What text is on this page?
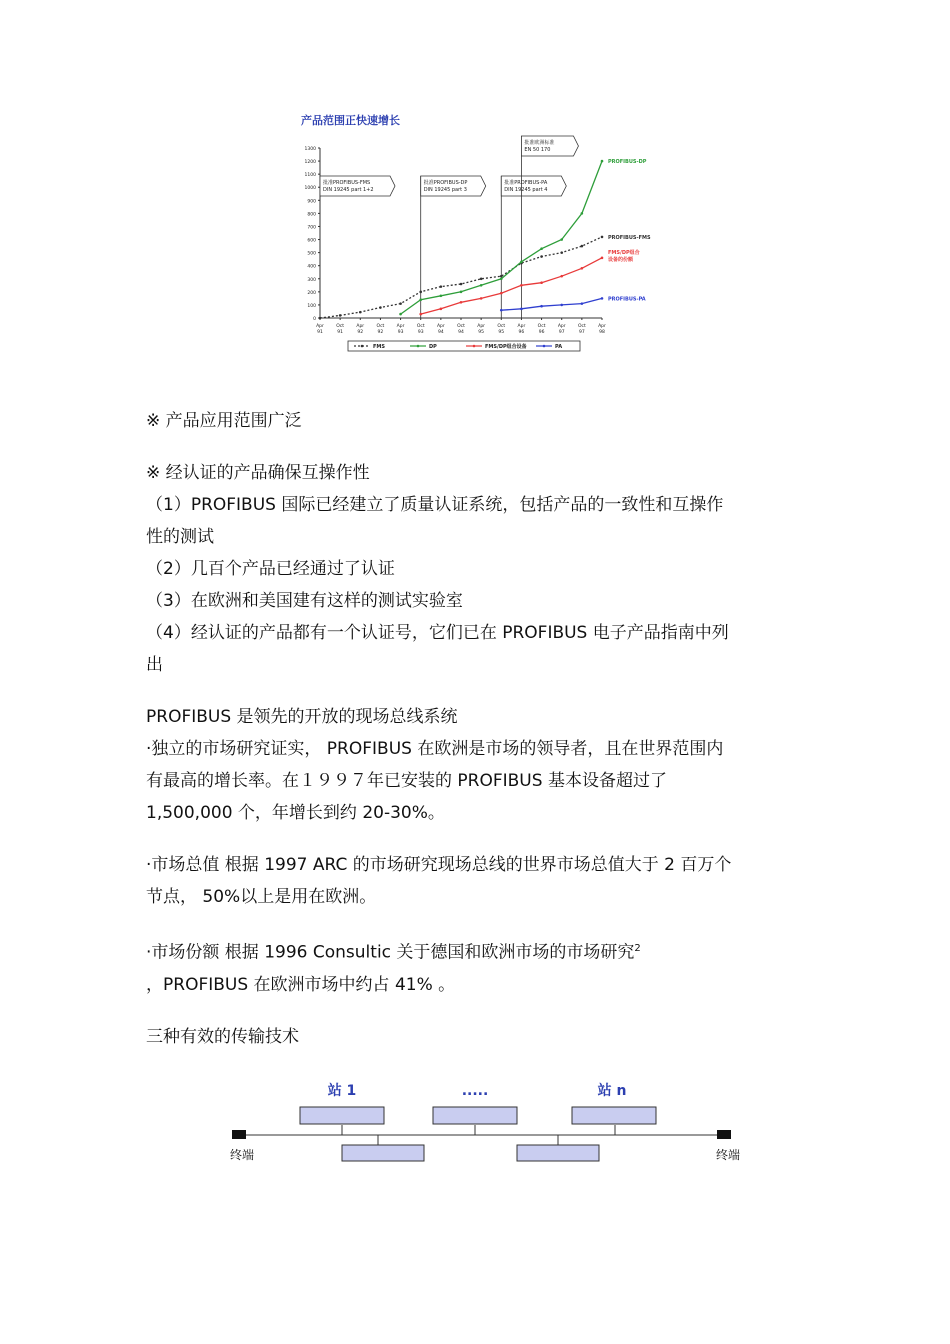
产品范围正快速增长
0
100
200
300
400
500
600
700
800
900
1000
1100
1200
1300
Apr
91
Oct
91
Apr
92
Oct
92
Apr
93
Oct
93
Apr
94
Oct
94
Apr
95
Oct
95
Apr
96
Oct
96
Apr
97
Oct
97
Apr
98
批准PROFIBUS-FMS
DIN 19245 part 1+2
批准PROFIBUS-DP
DIN 19245 part 3
批准PROFIBUS-PA
DIN 19245 part 4
批准欧洲标准
EN 50 170
PROFIBUS-FMS
PROFIBUS-DP
FMS/DP组合
设备的份额
PROFIBUS-PA
FMS	DP	FMS/DP组合设备	PA
※ 产品应用范围广泛
※ 经认证的产品确保互操作性
（1）PROFIBUS 国际已经建立了质量认证系统，包括产品的一致性和互操作
性的测试
（2）几百个产品已经通过了认证
（3）在欧洲和美国建有这样的测试实验室
（4）经认证的产品都有一个认证号，它们已在 PROFIBUS 电子产品指南中列
出
PROFIBUS 是领先的开放的现场总线系统
·独立的市场研究证实， PROFIBUS 在欧洲是市场的领导者，且在世界范围内
有最高的增长率。在１９９７年已安装的 PROFIBUS 基本设备超过了
1,500,000 个，年增长到约 20-30%。
·市场总值 根据 1997 ARC 的市场研究现场总线的世界市场总值大于 2 百万个
节点， 50%以上是用在欧洲。
·市场份额 根据 1996 Consultic 关于德国和欧洲市场的市场研究$^2$
，PROFIBUS 在欧洲市场中约占 41% 。
三种有效的传输技术
站 1	.....	站 n
终端	终端
